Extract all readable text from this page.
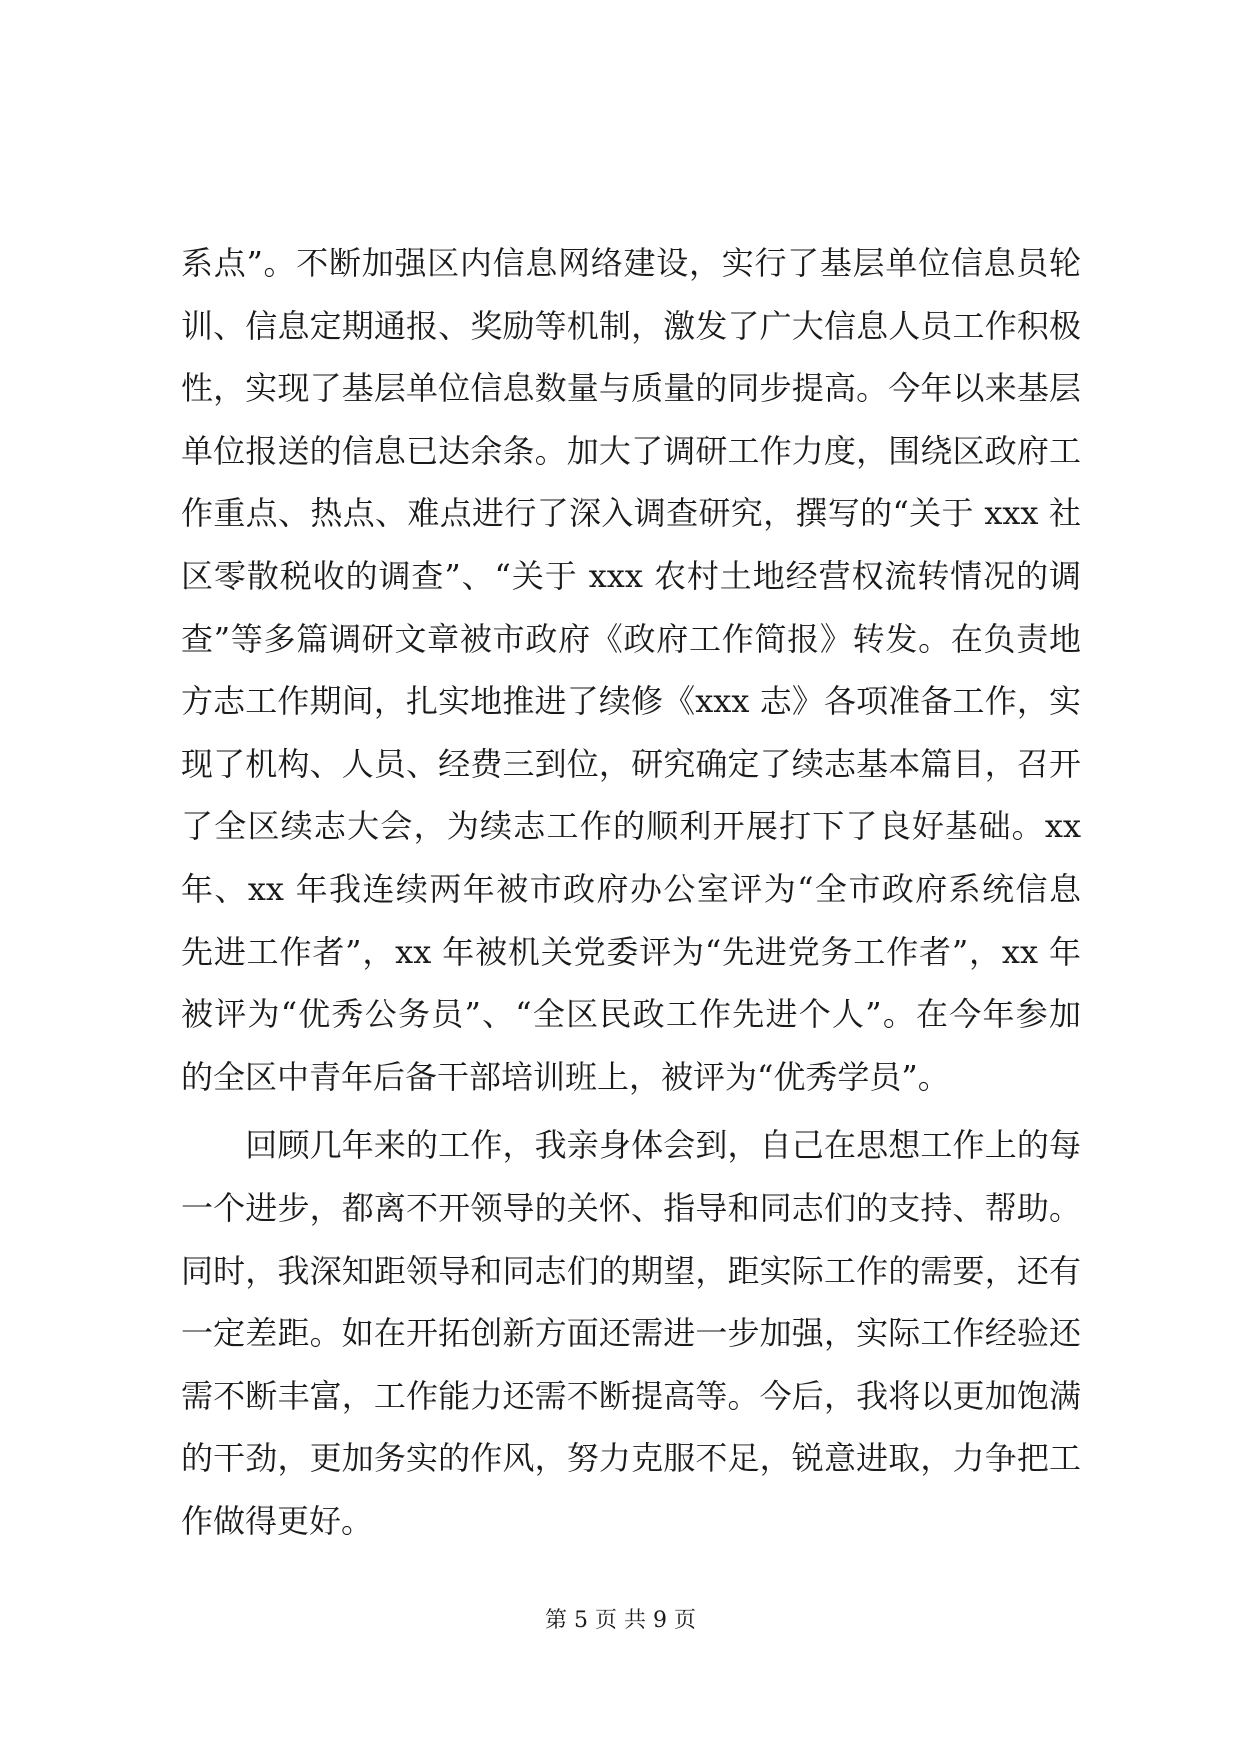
系点”。不断加强区内信息网络建设，实行了基层单位信息员轮
训、信息定期通报、奖励等机制，激发了广大信息人员工作积极
性，实现了基层单位信息数量与质量的同步提高。今年以来基层
单位报送的信息已达余条。加大了调研工作力度，围绕区政府工
作重点、热点、难点进行了深入调查研究，撰写的“关于 xxx 社
区零散税收的调查”、“关于 xxx 农村土地经营权流转情况的调
查”等多篇调研文章被市政府《政府工作简报》转发。在负责地
方志工作期间，扎实地推进了续修《xxx 志》各项准备工作，实
现了机构、人员、经费三到位，研究确定了续志基本篇目，召开
了全区续志大会，为续志工作的顺利开展打下了良好基础。xx
年、xx 年我连续两年被市政府办公室评为“全市政府系统信息
先进工作者”，xx 年被机关党委评为“先进党务工作者”，xx 年
被评为“优秀公务员”、“全区民政工作先进个人”。在今年参加
的全区中青年后备干部培训班上，被评为“优秀学员”。
　　回顾几年来的工作，我亲身体会到，自己在思想工作上的每
一个进步，都离不开领导的关怀、指导和同志们的支持、帮助。
同时，我深知距领导和同志们的期望，距实际工作的需要，还有
一定差距。如在开拓创新方面还需进一步加强，实际工作经验还
需不断丰富，工作能力还需不断提高等。今后，我将以更加饱满
的干劲，更加务实的作风，努力克服不足，锐意进取，力争把工
作做得更好。
第 5 页 共 9 页
